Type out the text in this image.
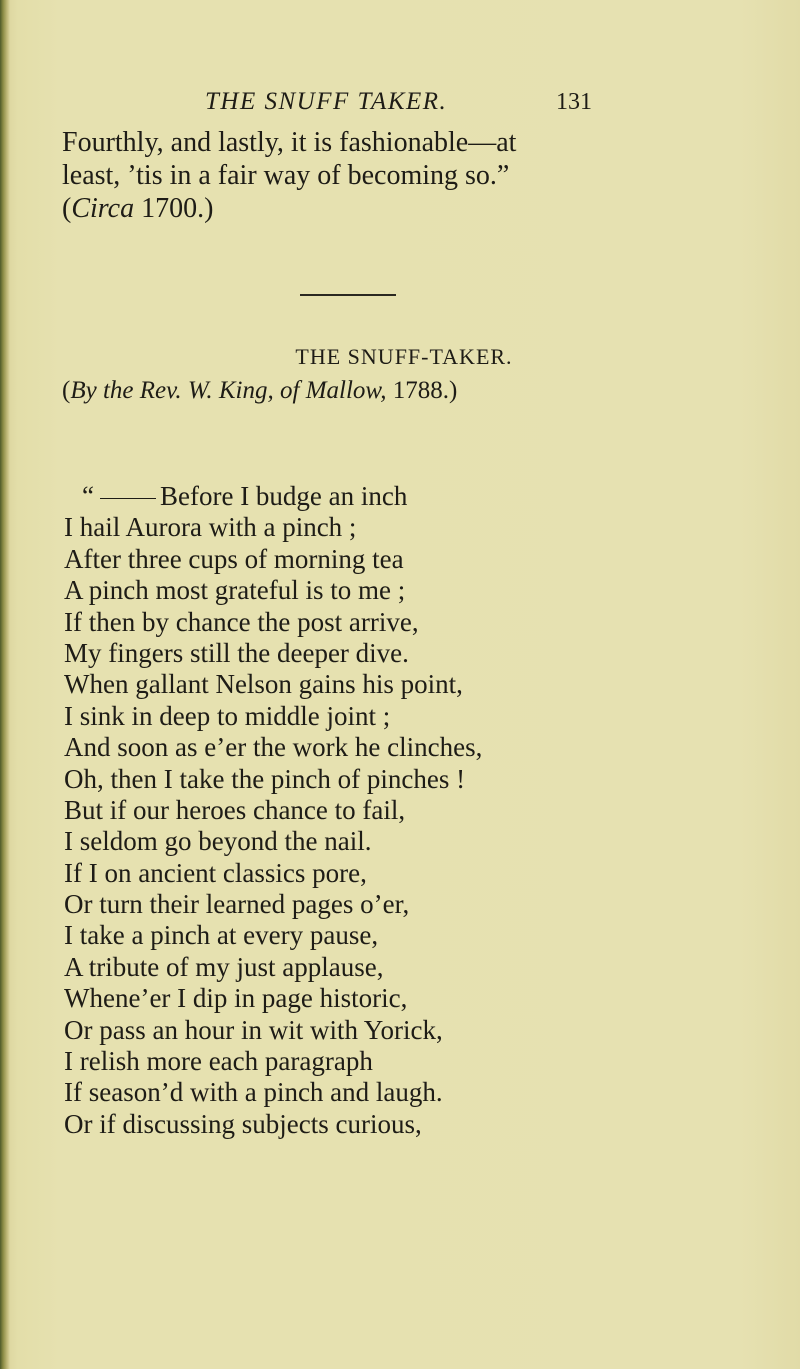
THE SNUFF TAKER.	131

Fourthly, and lastly, it is fashionable—at

least, ’tis in a fair way of becoming so.”

(Circa 1700.)

THE SNUFF-TAKER.
(By the Rev. W. King, of Mallow, 1788.)
“ Before I budge an inch
I hail Aurora with a pinch ;
After three cups of morning tea
A pinch most grateful is to me ;
If then by chance the post arrive,
My fingers still the deeper dive.
When gallant Nelson gains his point,
I sink in deep to middle joint ;
And soon as e’er the work he clinches,
Oh, then I take the pinch of pinches !
But if our heroes chance to fail,
I seldom go beyond the nail.
If I on ancient classics pore,
Or turn their learned pages o’er,
I take a pinch at every pause,
A tribute of my just applause,
Whene’er I dip in page historic,
Or pass an hour in wit with Yorick,
I relish more each paragraph
If season’d with a pinch and laugh.
Or if discussing subjects curious,
